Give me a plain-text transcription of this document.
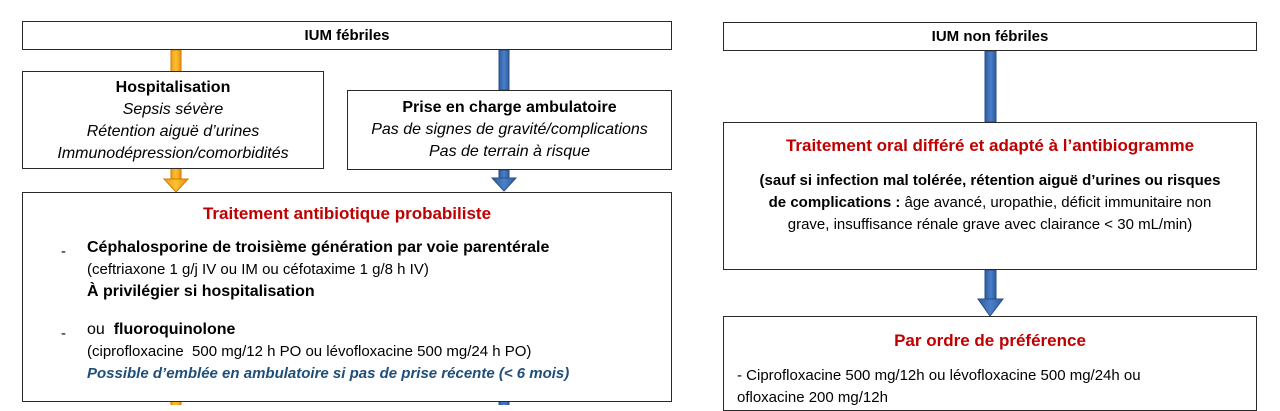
IUM fébriles
Hospitalisation
Sepsis sévère
Rétention aiguë d’urines
Immunodépression/comorbidités
Prise en charge ambulatoire
Pas de signes de gravité/complications
Pas de terrain à risque
Traitement antibiotique probabiliste
- Céphalosporine de troisième génération par voie parentérale
(ceftriaxone 1 g/j IV ou IM ou céfotaxime 1 g/8 h IV)
À privilégier si hospitalisation
- ou fluoroquinolone
(ciprofloxacine  500 mg/12 h PO ou lévofloxacine 500 mg/24 h PO)
Possible d’emblée en ambulatoire si pas de prise récente (< 6 mois)
IUM non fébriles
Traitement oral différé et adapté à l’antibiogramme
(sauf si infection mal tolérée, rétention aiguë d’urines ou risques
de complications : âge avancé, uropathie, déficit immunitaire non
grave, insuffisance rénale grave avec clairance < 30 mL/min)
Par ordre de préférence
- Ciprofloxacine 500 mg/12h ou lévofloxacine 500 mg/24h ou
ofloxacine 200 mg/12h
